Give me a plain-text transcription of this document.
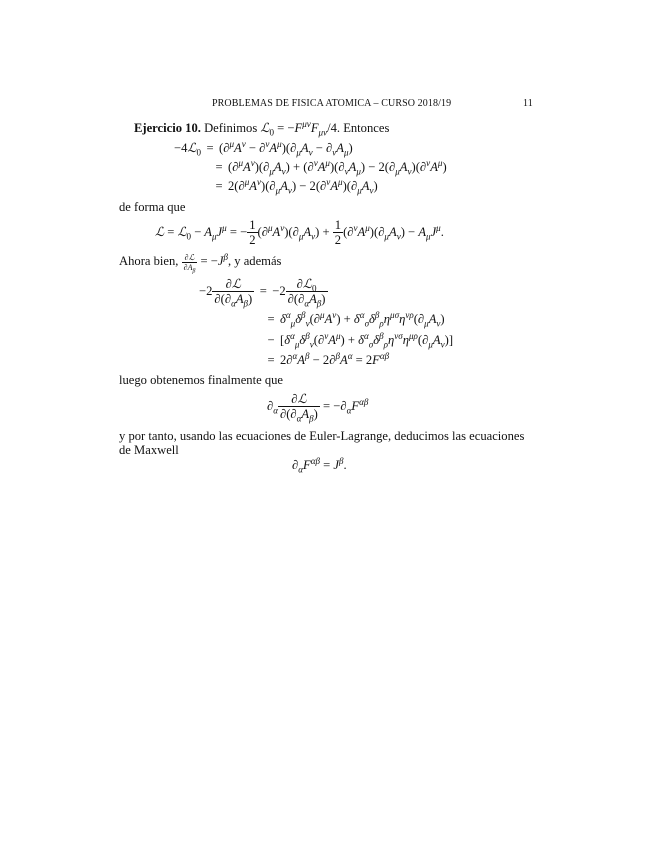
PROBLEMAS DE FISICA ATOMICA – CURSO 2018/19	11
Ejercicio 10. Definimos ℒ$_0$ = $-F^{\mu\nu}F_{\mu\nu}/4$. Entonces
−4ℒ$_0$ = $(\partial^\mu A^\nu - \partial^\nu A^\mu)(\partial_\mu A_\nu - \partial_\nu A_\mu)$
= $(\partial^\mu A^\nu)(\partial_\mu A_\nu) + (\partial^\nu A^\mu)(\partial_\nu A_\mu) - 2(\partial_\mu A_\nu)(\partial^\nu A^\mu)$
= $2(\partial^\mu A^\nu)(\partial_\mu A_\nu) - 2(\partial^\nu A^\mu)(\partial_\mu A_\nu)$
de forma que
ℒ = ℒ$_0$ − $A_\mu J^\mu$ = − $\frac{1}{2} (\partial^\mu A^\nu)(\partial_\mu A_\nu) + \frac{1}{2} (\partial^\nu A^\mu)(\partial_\mu A_\nu) - A_\mu J^\mu$.
Ahora bien, $\frac{\text{∂ℒ}}{\partial A_\beta} = -J^\beta$, y además
$-2 \frac{\text{∂ℒ}}{\partial(\partial_\alpha A_\beta)} = -2 \frac{\partial ℒ_0}{\partial(\partial_\alpha A_\beta)}$
= $\delta^\alpha_\mu\delta^\beta_\nu(\partial^\mu A^\nu) + \delta^\alpha_\sigma\delta^\beta_\rho\eta^{\mu\sigma}\eta^{\nu\rho}(\partial_\mu A_\nu)$
− $[\delta^\alpha_\mu\delta^\beta_\nu(\partial^\nu A^\mu) + \delta^\alpha_\sigma\delta^\beta_\rho\eta^{\nu\sigma}\eta^{\mu\rho}(\partial_\mu A_\nu)]$
= $2\partial^\alpha A^\beta - 2\partial^\beta A^\alpha = 2F^{\alpha\beta}$
luego obtenemos finalmente que
$\partial_\alpha \frac{\text{∂ℒ}}{\partial(\partial_\alpha A_\beta)} = -\partial_\alpha F^{\alpha\beta}$
y por tanto, usando las ecuaciones de Euler-Lagrange, deducimos las ecuaciones
de Maxwell
$\partial_\alpha F^{\alpha\beta} = J^\beta$.
